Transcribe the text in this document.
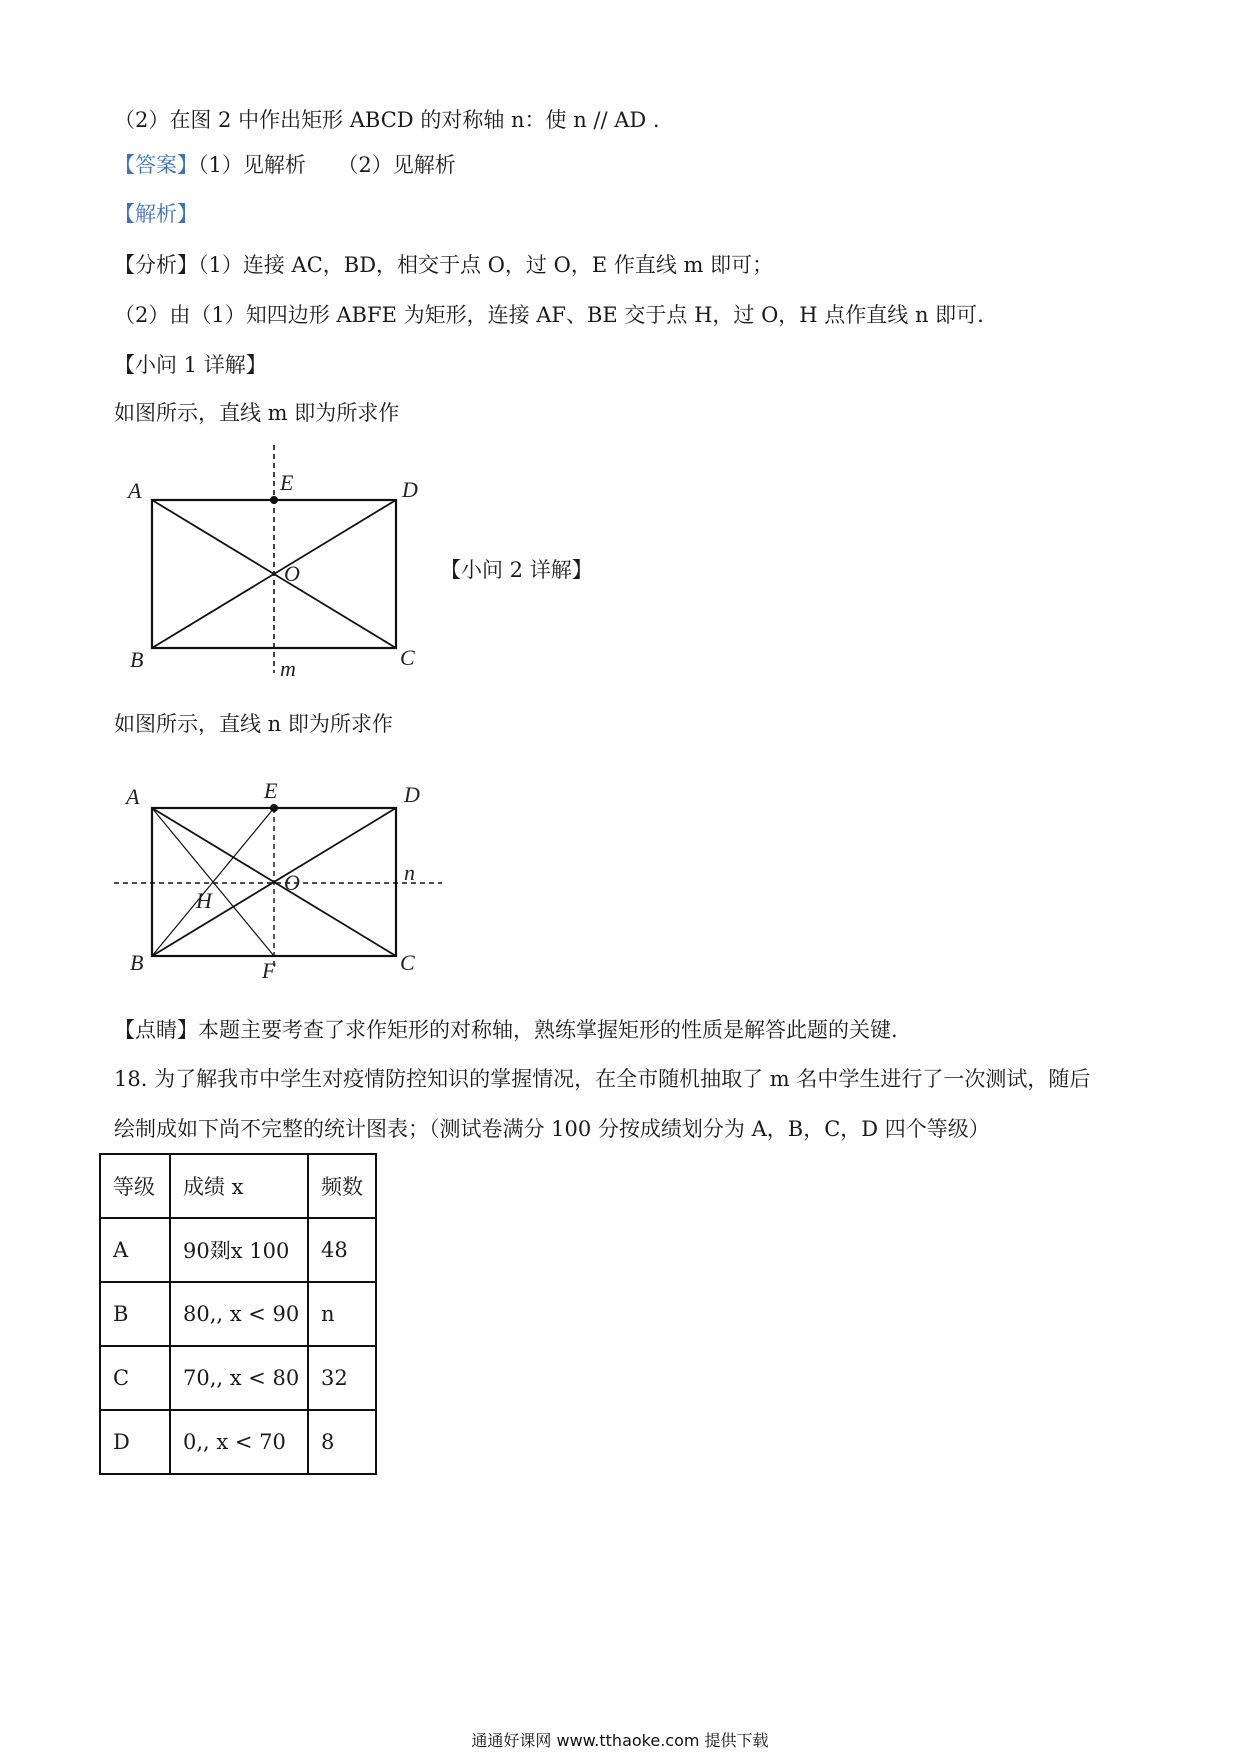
（2）在图 2 中作出矩形 ABCD 的对称轴 n：使 n // AD .
【答案】（1）见解析　　（2）见解析
【解析】
【分析】（1）连接 AC，BD，相交于点 O，过 O，E 作直线 m 即可；
（2）由（1）知四边形 ABFE 为矩形，连接 AF、BE 交于点 H，过 O，H 点作直线 n 即可.
【小问 1 详解】
如图所示，直线 m 即为所求作
A	E	D
O
B	C
m
【小问 2 详解】
如图所示，直线 n 即为所求作
A	E	D
n
O
H
B	F	C
【点睛】本题主要考查了求作矩形的对称轴，熟练掌握矩形的性质是解答此题的关键.
18. 为了解我市中学生对疫情防控知识的掌握情况，在全市随机抽取了 m 名中学生进行了一次测试，随后
绘制成如下尚不完整的统计图表；（测试卷满分 100 分按成绩划分为 A，B，C，D 四个等级）
等级	成绩 x	频数
A	90剟x 100	48
B	80,, x < 90	n
C	70,, x < 80	32
D	0,, x < 70	8
通通好课网 www.tthaoke.com 提供下载
